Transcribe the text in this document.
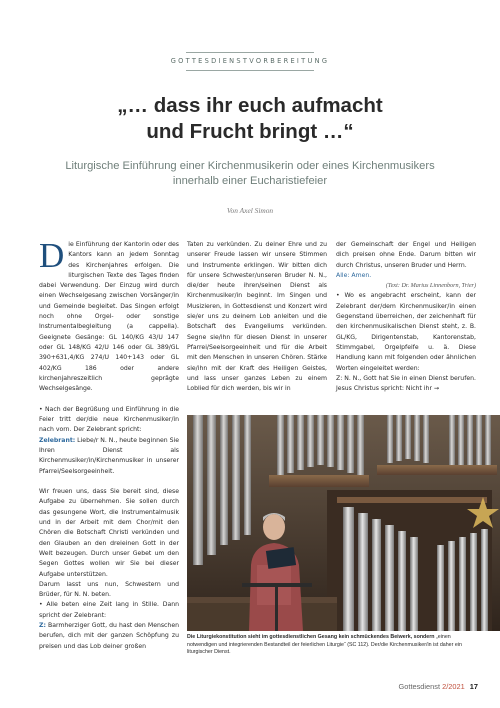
GOTTESDIENSTVORBEREITUNG
„… dass ihr euch aufmacht
und Frucht bringt …“
Liturgische Einführung einer Kirchenmusikerin oder eines Kirchenmusikers
innerhalb einer Eucharistiefeier
Von Axel Simon

Die Einführung der Kantorin oder des Kantors kann an jedem Sonntag des Kirchenjahres erfolgen. Die liturgischen Texte des Tages finden dabei Verwendung. Der Einzug wird durch einen Wechselgesang zwischen Vorsänger/in und Gemeinde begleitet. Das Singen erfolgt noch ohne Orgel- oder sonstige Instrumentalbegleitung (a cappella). Geeignete Gesänge: GL 140/KG 43/U 147 oder GL 148/KG 42/U 146 oder GL 389/GL 390+631,4/KG 274/U 140+143 oder GL 402/KG 186 oder andere kirchenjahreszeitlich geprägte Wechselgesänge.

• Nach der Begrüßung und Einführung in die Feier tritt der/die neue Kirchenmusiker/in nach vorn. Der Zelebrant spricht:

Zelebrant: Liebe/r N. N., heute beginnen Sie Ihren Dienst als Kirchenmusiker/in/Kirchenmusiker in unserer Pfarrei/Seelsorgeeinheit.

Wir freuen uns, dass Sie bereit sind, diese Aufgabe zu übernehmen. Sie sollen durch das gesungene Wort, die Instrumentalmusik und in der Arbeit mit dem Chor/mit den Chören die Botschaft Christi verkünden und den Glauben an den dreieinen Gott in der Welt bezeugen. Durch unser Gebet um den Segen Gottes wollen wir Sie bei dieser Aufgabe unterstützen.

Darum lasst uns nun, Schwestern und Brüder, für N. N. beten.

• Alle beten eine Zeit lang in Stille. Dann spricht der Zelebrant:

Z: Barmherziger Gott, du hast den Menschen berufen, dich mit der ganzen Schöpfung zu preisen und das Lob deiner großen

Taten zu verkünden. Zu deiner Ehre und zu unserer Freude lassen wir unsere Stimmen und Instrumente erklingen. Wir bitten dich für unsere Schwester/unseren Bruder N. N., die/der heute ihren/seinen Dienst als Kirchenmusiker/in beginnt. Im Singen und Musizieren, in Gottesdienst und Konzert wird sie/er uns zu deinem Lob anleiten und die Botschaft des Evangeliums verkünden. Segne sie/ihn für diesen Dienst in unserer Pfarrei/Seelsorgeeinheit und für die Arbeit mit den Menschen in unseren Chören. Stärke sie/ihn mit der Kraft des Heiligen Geistes, und lass unser ganzes Leben zu einem Loblied für dich werden, bis wir in

der Gemeinschaft der Engel und Heiligen dich preisen ohne Ende. Darum bitten wir durch Christus, unseren Bruder und Herrn.

Alle: Amen.

(Text: Dr. Marius Linnenborn, Trier)

• Wo es angebracht erscheint, kann der Zelebrant der/dem Kirchenmusiker/in einen Gegenstand überreichen, der zeichenhaft für den kirchenmusikalischen Dienst steht, z. B. GL/KG, Dirigentenstab, Kantorenstab, Stimmgabel, Orgelpfeife u. ä. Diese Handlung kann mit folgenden oder ähnlichen Worten eingeleitet werden:

Z: N. N., Gott hat Sie in einen Dienst berufen. Jesus Christus spricht: Nicht ihr →

Die Liturgiekonstitution sieht im gottesdienstlichen Gesang kein schmückendes Beiwerk, sondern „einen notwendigen und integrierenden Bestandteil der feierlichen Liturgie“ (SC 112). Der/die Kirchenmusiker/in ist daher ein liturgischer Dienst.
Gottesdienst 2/2021 17
